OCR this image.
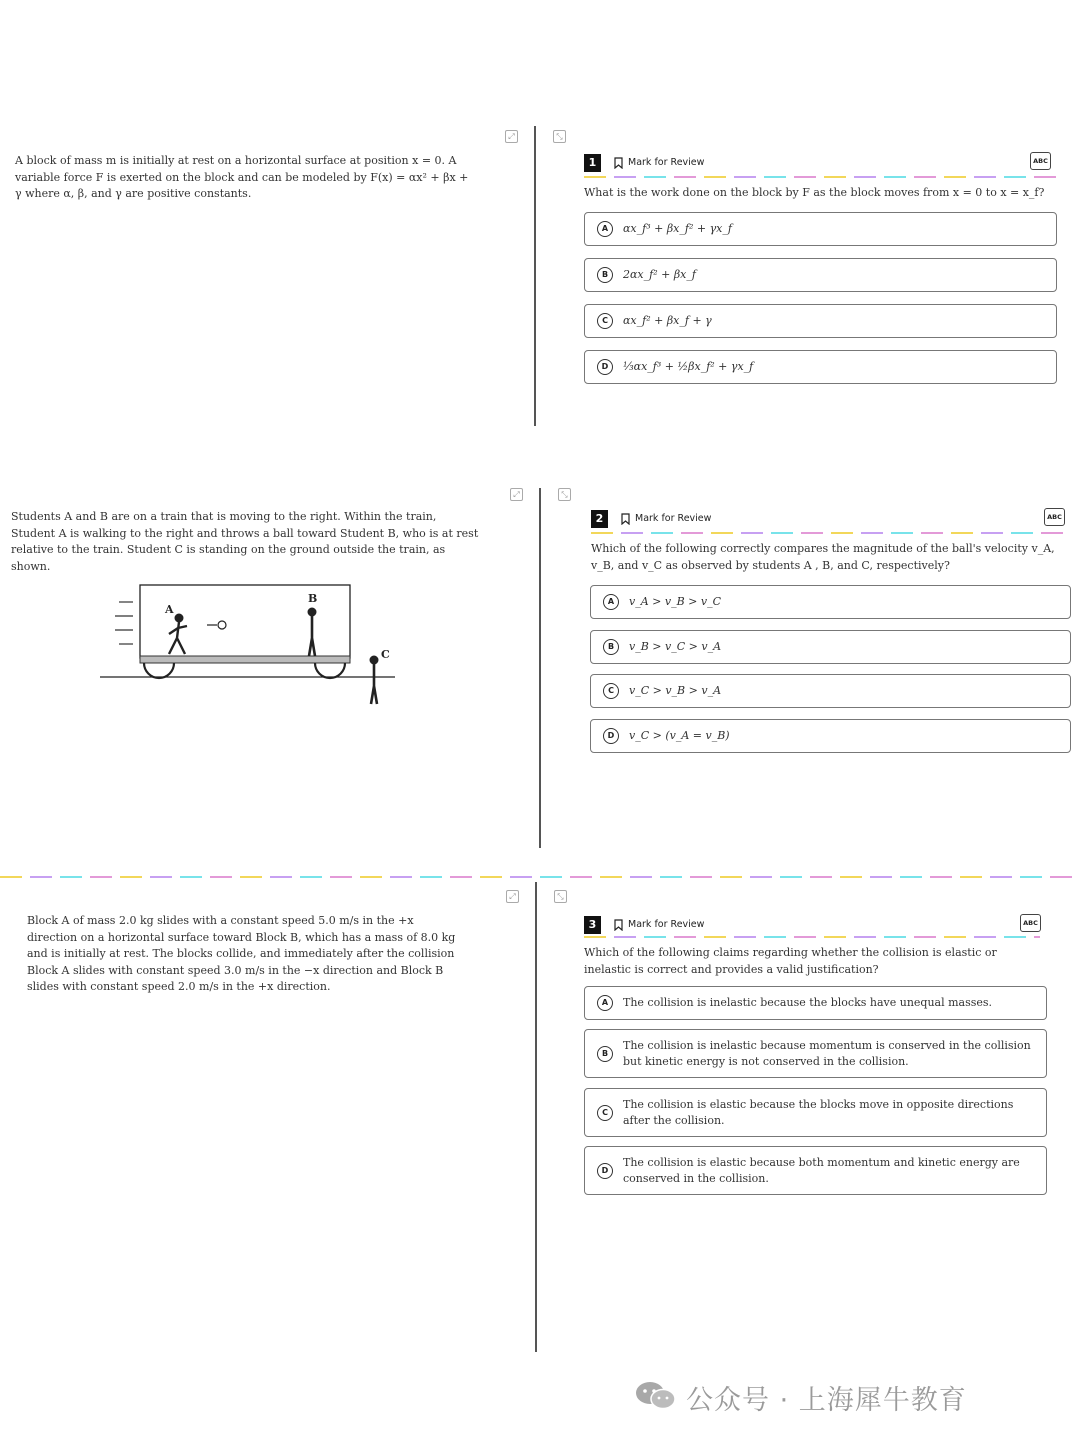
⤢	⤡
A block of mass m is initially at rest on a horizontal surface at position x = 0. A variable force F is exerted on the block and can be modeled by F(x) = αx² + βx + γ where α, β, and γ are positive constants.
1	Mark for Review	ABC
What is the work done on the block by F as the block moves from x = 0 to x = x_f?
A	αx_f³ + βx_f² + γx_f
B	2αx_f² + βx_f
C	αx_f² + βx_f + γ
D	⅓αx_f³ + ½βx_f² + γx_f
⤢	⤡
Students A and B are on a train that is moving to the right. Within the train, Student A is walking to the right and throws a ball toward Student B, who is at rest relative to the train. Student C is standing on the ground outside the train, as shown.
A
B
C
2	Mark for Review	ABC
Which of the following correctly compares the magnitude of the ball's velocity v_A, v_B, and v_C as observed by students A , B, and C, respectively?
A	v_A > v_B > v_C
B	v_B > v_C > v_A
C	v_C > v_B > v_A
D	v_C > (v_A = v_B)
⤢	⤡
Block A of mass 2.0 kg slides with a constant speed 5.0 m/s in the +x direction on a horizontal surface toward Block B, which has a mass of 8.0 kg and is initially at rest. The blocks collide, and immediately after the collision Block A slides with constant speed 3.0 m/s in the −x direction and Block B slides with constant speed 2.0 m/s in the +x direction.
3	Mark for Review	ABC
Which of the following claims regarding whether the collision is elastic or inelastic is correct and provides a valid justification?
A	The collision is inelastic because the blocks have unequal masses.
B
The collision is inelastic because momentum is conserved in the collision but kinetic energy is not conserved in the collision.
C
The collision is elastic because the blocks move in opposite directions after the collision.
D
The collision is elastic because both momentum and kinetic energy are conserved in the collision.
公众号 · 上海犀牛教育
